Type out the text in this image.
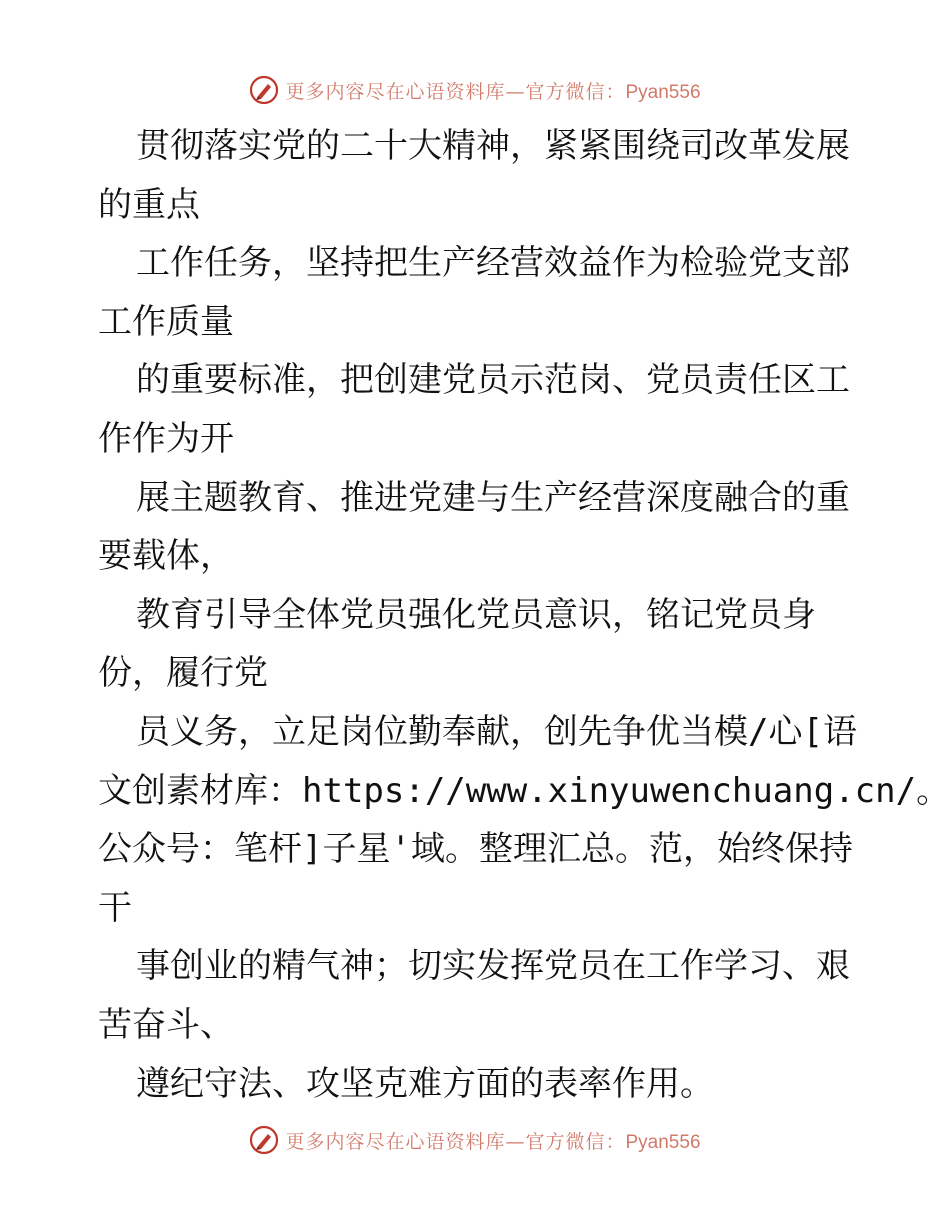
更多内容尽在心语资料库—官方微信：Pyan556
贯彻落实党的二十大精神，紧紧围绕司改革发展
的重点
工作任务，坚持把生产经营效益作为检验党支部
工作质量
的重要标准，把创建党员示范岗、党员责任区工
作作为开
展主题教育、推进党建与生产经营深度融合的重
要载体，
教育引导全体党员强化党员意识，铭记党员身
份，履行党
员义务，立足岗位勤奉献，创先争优当模/心[语
文创素材库：https://www.xinyuwenchuang.cn/。
公众号：笔杆]子星'域。整理汇总。范，始终保持
干
事创业的精气神；切实发挥党员在工作学习、艰
苦奋斗、
遵纪守法、攻坚克难方面的表率作用。
更多内容尽在心语资料库—官方微信：Pyan556
